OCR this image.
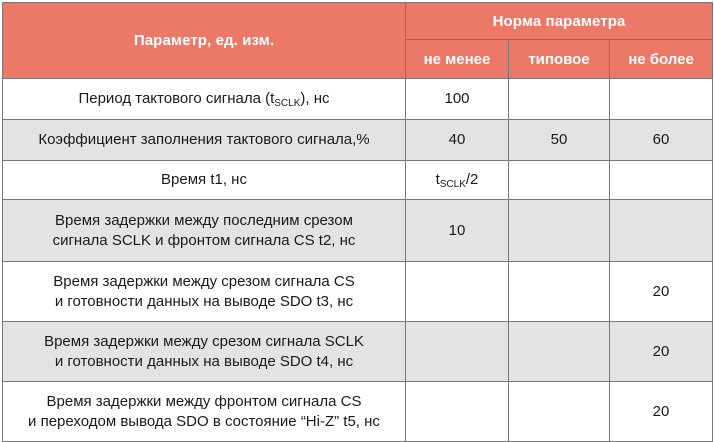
Параметр, ед. изм.	Норма параметра		
	не менее	типовое	не более
Период тактового сигнала $(t_{SCLK})$, нс	100		
Коэффициент заполнения тактового сигнала,%	40	50	60
Время t1, нс	$t_{SCLK}/2$		

Время задержки между последним срезом
сигнала SCLK и фронтом сигнала CS t2, нс	10		

Время задержки между срезом сигнала CS
и готовности данных на выводе SDO t3, нс			20

Время задержки между срезом сигнала SCLK
и готовности данных на выводе SDO t4, нс			20

Время задержки между фронтом сигнала CS
и переходом вывода SDO в состояние “Hi-Z” t5, нс			20
